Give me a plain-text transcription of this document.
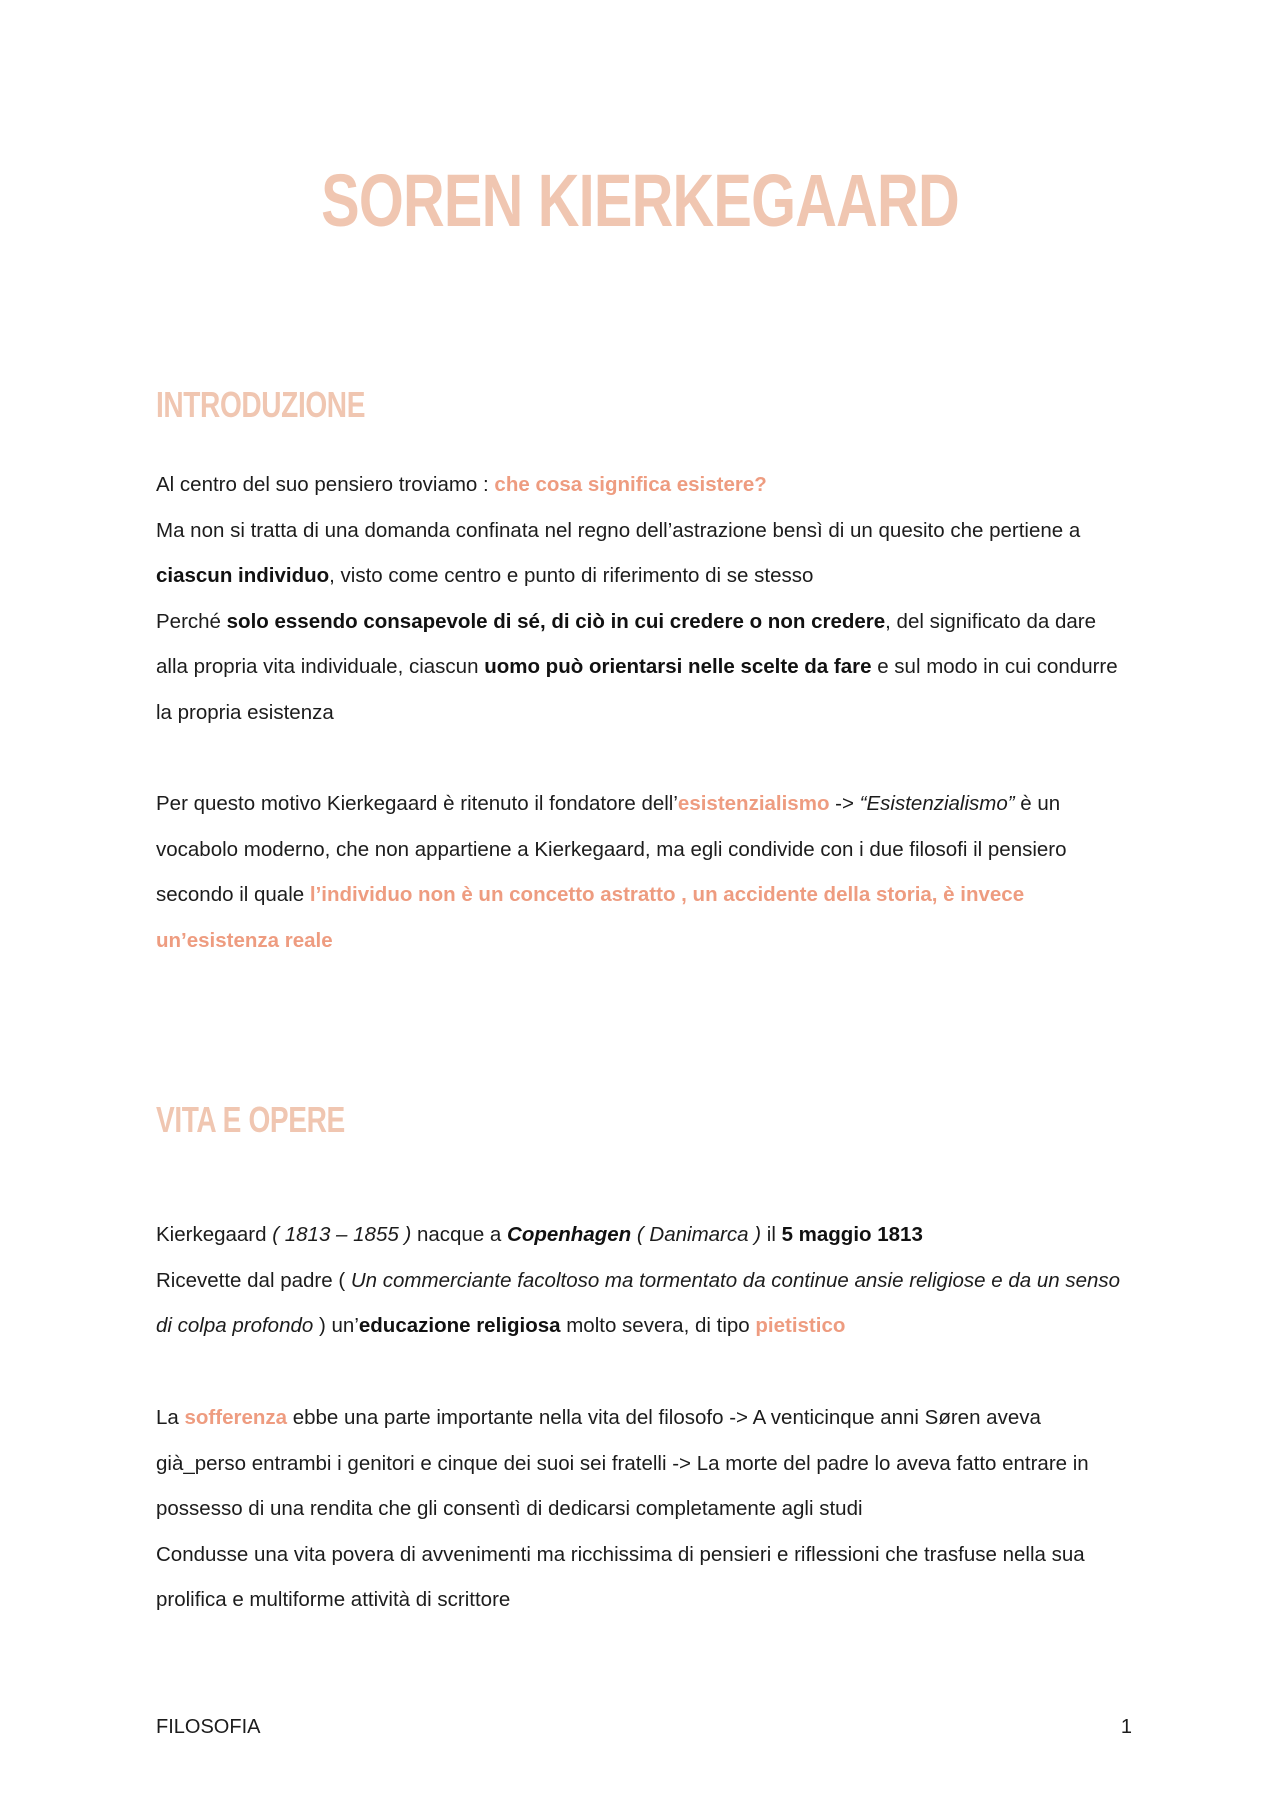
SOREN KIERKEGAARD
INTRODUZIONE

Al centro del suo pensiero troviamo : che cosa significa esistere?

Ma non si tratta di una domanda confinata nel regno dell’astrazione bensì di un quesito che pertiene a ciascun individuo, visto come centro e punto di riferimento di se stesso

Perché solo essendo consapevole di sé, di ciò in cui credere o non credere, del significato da dare alla propria vita individuale, ciascun uomo può orientarsi nelle scelte da fare e sul modo in cui condurre la propria esistenza

Per questo motivo Kierkegaard è ritenuto il fondatore dell’esistenzialismo -> “Esistenzialismo” è un vocabolo moderno, che non appartiene a Kierkegaard, ma egli condivide con i due filosofi il pensiero secondo il quale l’individuo non è un concetto astratto , un accidente della storia, è invece un’esistenza reale

VITA E OPERE

Kierkegaard ( 1813 – 1855 ) nacque a Copenhagen ( Danimarca ) il 5 maggio 1813

Ricevette dal padre ( Un commerciante facoltoso ma tormentato da continue ansie religiose e da un senso di colpa profondo ) un’educazione religiosa molto severa, di tipo pietistico

La sofferenza ebbe una parte importante nella vita del filosofo -> A venticinque anni Søren aveva già_perso entrambi i genitori e cinque dei suoi sei fratelli -> La morte del padre lo aveva fatto entrare in possesso di una rendita che gli consentì di dedicarsi completamente agli studi

Condusse una vita povera di avvenimenti ma ricchissima di pensieri e riflessioni che trasfuse nella sua prolifica e multiforme attività di scrittore

FILOSOFIA	1
